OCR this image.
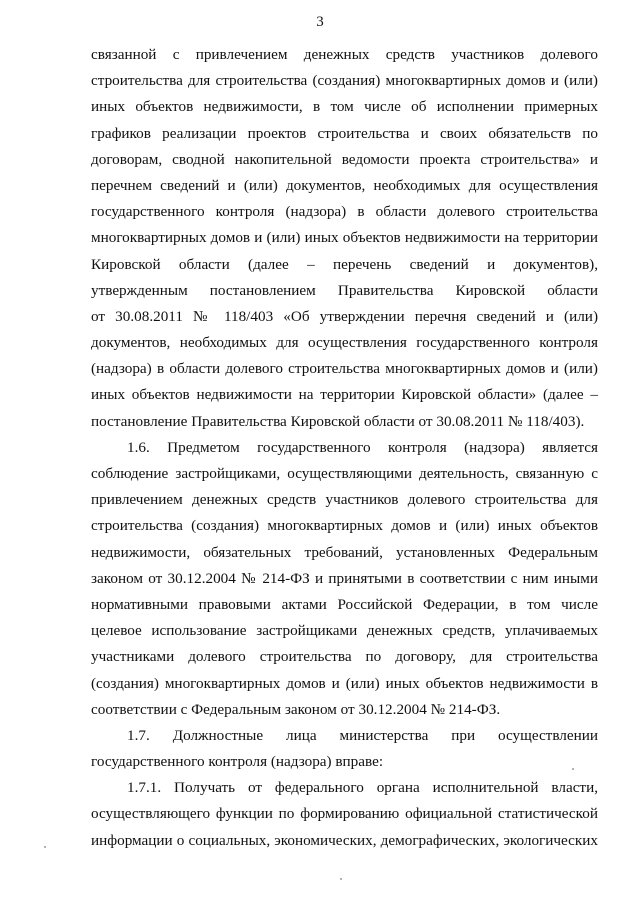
3
связанной с привлечением денежных средств участников долевого
строительства для строительства (создания) многоквартирных домов и (или)
иных объектов недвижимости, в том числе об исполнении примерных
графиков реализации проектов строительства и своих обязательств по
договорам, сводной накопительной ведомости проекта строительства» и
перечнем сведений и (или) документов, необходимых для осуществления
государственного контроля (надзора) в области долевого строительства
многоквартирных домов и (или) иных объектов недвижимости на территории
Кировской области (далее – перечень сведений и документов),
утвержденным постановлением Правительства Кировской области
от 30.08.2011 № 118/403 «Об утверждении перечня сведений и (или)
документов, необходимых для осуществления государственного контроля
(надзора) в области долевого строительства многоквартирных домов и (или)
иных объектов недвижимости на территории Кировской области» (далее –
постановление Правительства Кировской области от 30.08.2011 № 118/403).
1.6. Предметом государственного контроля (надзора) является
соблюдение застройщиками, осуществляющими деятельность, связанную с
привлечением денежных средств участников долевого строительства для
строительства (создания) многоквартирных домов и (или) иных объектов
недвижимости, обязательных требований, установленных Федеральным
законом от 30.12.2004 № 214-ФЗ и принятыми в соответствии с ним иными
нормативными правовыми актами Российской Федерации, в том числе
целевое использование застройщиками денежных средств, уплачиваемых
участниками долевого строительства по договору, для строительства
(создания) многоквартирных домов и (или) иных объектов недвижимости в
соответствии с Федеральным законом от 30.12.2004 № 214-ФЗ.
1.7. Должностные лица министерства при осуществлении
государственного контроля (надзора) вправе:
1.7.1. Получать от федерального органа исполнительной власти,
осуществляющего функции по формированию официальной статистической
информации о социальных, экономических, демографических, экологических
